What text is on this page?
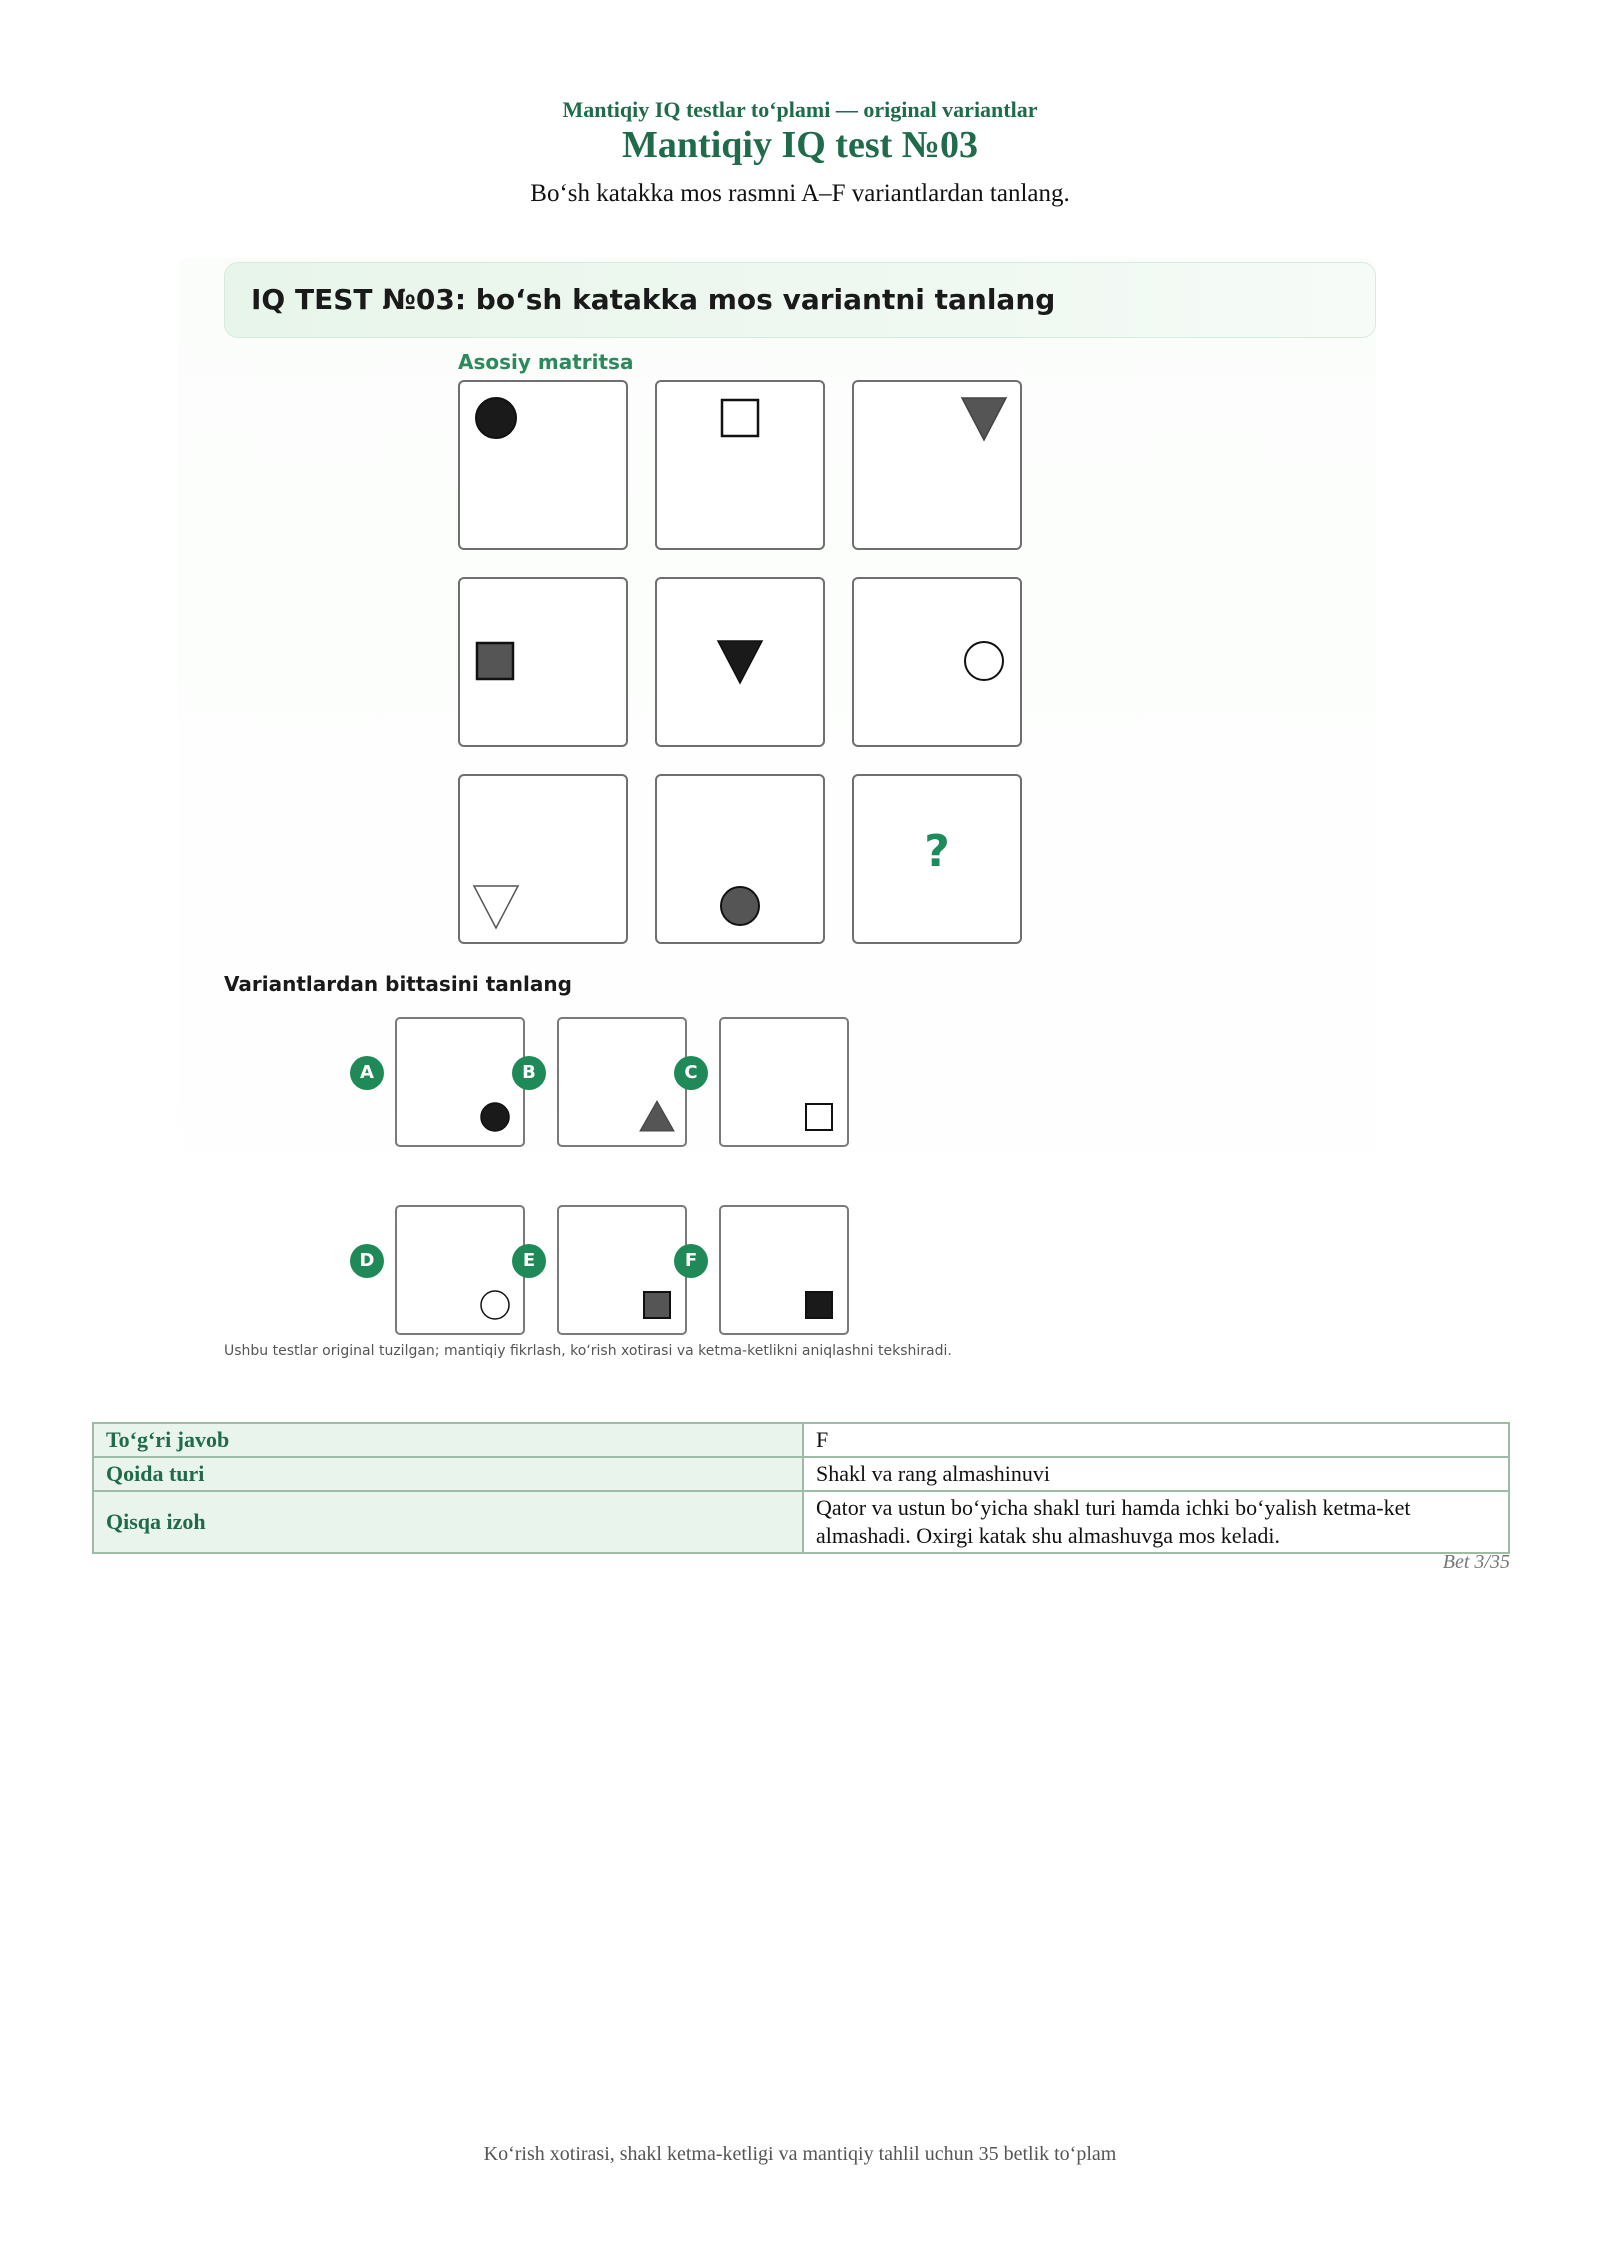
Mantiqiy IQ testlar to‘plami — original variantlar
Mantiqiy IQ test №03
Bo‘sh katakka mos rasmni A–F variantlardan tanlang.
IQ TEST №03: bo‘sh katakka mos variantni tanlang
Asosiy matritsa
?
Variantlardan bittasini tanlang
A	B	C
D	E	F
Ushbu testlar original tuzilgan; mantiqiy fikrlash, ko‘rish xotirasi va ketma-ketlikni aniqlashni tekshiradi.
To‘g‘ri javob	F
Qoida turi	Shakl va rang almashinuvi
Qisqa izoh	Qator va ustun bo‘yicha shakl turi hamda ichki bo‘yalish ketma-ket almashadi. Oxirgi katak shu almashuvga mos keladi.
Bet 3/35
Ko‘rish xotirasi, shakl ketma-ketligi va mantiqiy tahlil uchun 35 betlik to‘plam
